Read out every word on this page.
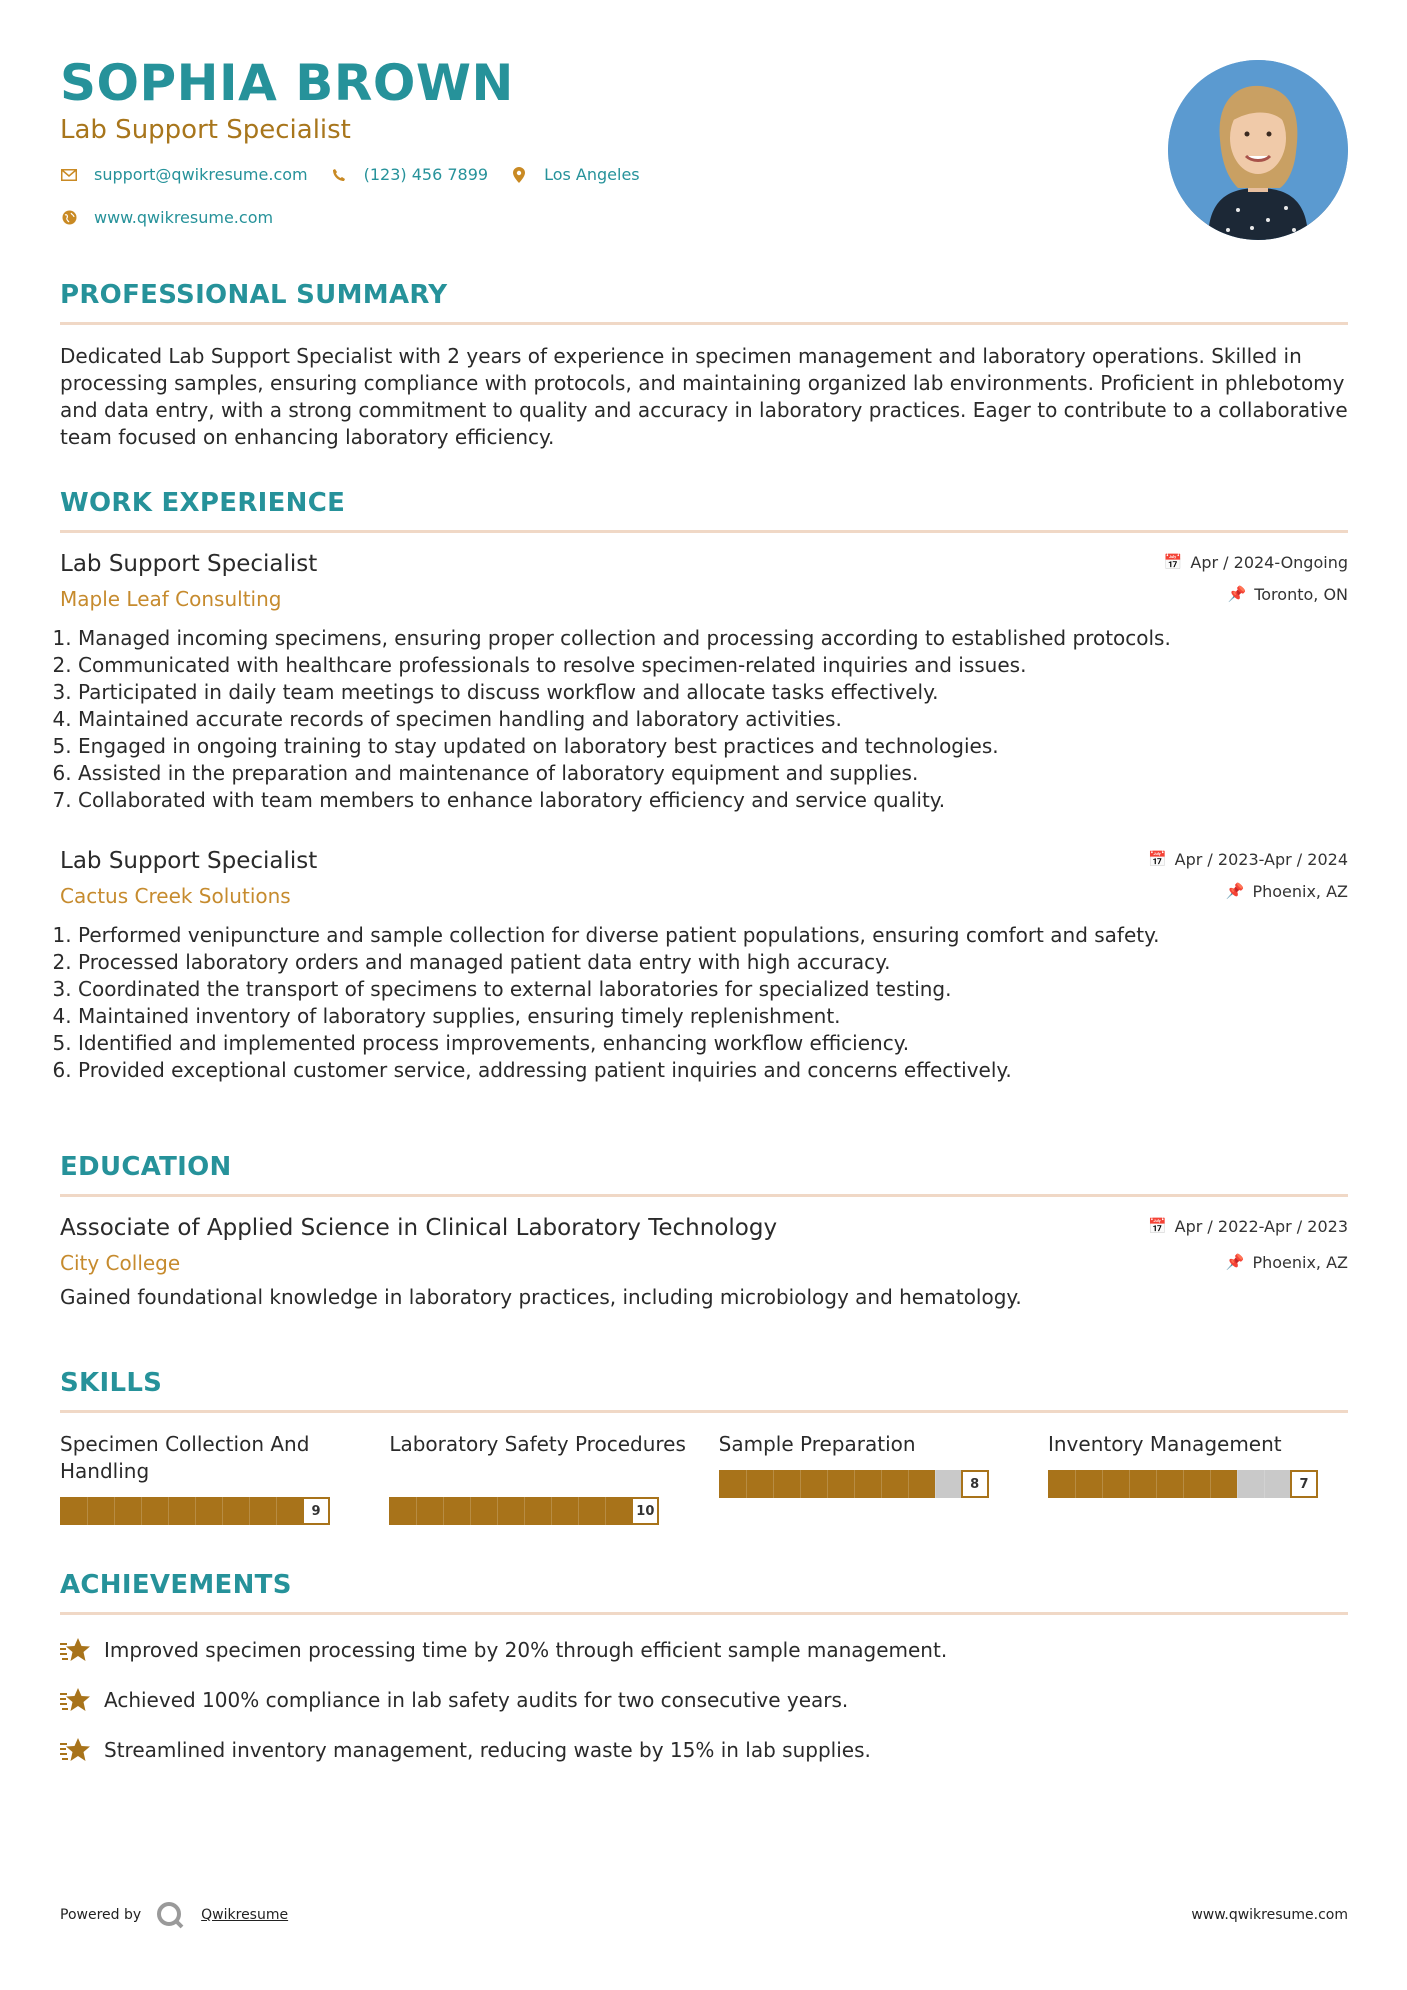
SOPHIA BROWN
Lab Support Specialist
support@qwikresume.com	(123) 456 7899	Los Angeles
www.qwikresume.com
PROFESSIONAL SUMMARY
Dedicated Lab Support Specialist with 2 years of experience in specimen management and laboratory operations. Skilled in processing samples, ensuring compliance with protocols, and maintaining organized lab environments. Proficient in phlebotomy and data entry, with a strong commitment to quality and accuracy in laboratory practices. Eager to contribute to a collaborative team focused on enhancing laboratory efficiency.
WORK EXPERIENCE
Lab Support Specialist
Maple Leaf Consulting
📅 Apr / 2024-Ongoing
📌 Toronto, ON
1. Managed incoming specimens, ensuring proper collection and processing according to established protocols.
2. Communicated with healthcare professionals to resolve specimen-related inquiries and issues.
3. Participated in daily team meetings to discuss workflow and allocate tasks effectively.
4. Maintained accurate records of specimen handling and laboratory activities.
5. Engaged in ongoing training to stay updated on laboratory best practices and technologies.
6. Assisted in the preparation and maintenance of laboratory equipment and supplies.
7. Collaborated with team members to enhance laboratory efficiency and service quality.
Lab Support Specialist
Cactus Creek Solutions
📅 Apr / 2023-Apr / 2024
📌 Phoenix, AZ
1. Performed venipuncture and sample collection for diverse patient populations, ensuring comfort and safety.
2. Processed laboratory orders and managed patient data entry with high accuracy.
3. Coordinated the transport of specimens to external laboratories for specialized testing.
4. Maintained inventory of laboratory supplies, ensuring timely replenishment.
5. Identified and implemented process improvements, enhancing workflow efficiency.
6. Provided exceptional customer service, addressing patient inquiries and concerns effectively.
EDUCATION
Associate of Applied Science in Clinical Laboratory Technology
City College
📅 Apr / 2022-Apr / 2023
📌 Phoenix, AZ
Gained foundational knowledge in laboratory practices, including microbiology and hematology.
SKILLS
Specimen Collection And Handling
9
Laboratory Safety Procedures
10
Sample Preparation
8
Inventory Management
7
ACHIEVEMENTS
Improved specimen processing time by 20% through efficient sample management.
Achieved 100% compliance in lab safety audits for two consecutive years.
Streamlined inventory management, reducing waste by 15% in lab supplies.
Powered by	Qwikresume	www.qwikresume.com
